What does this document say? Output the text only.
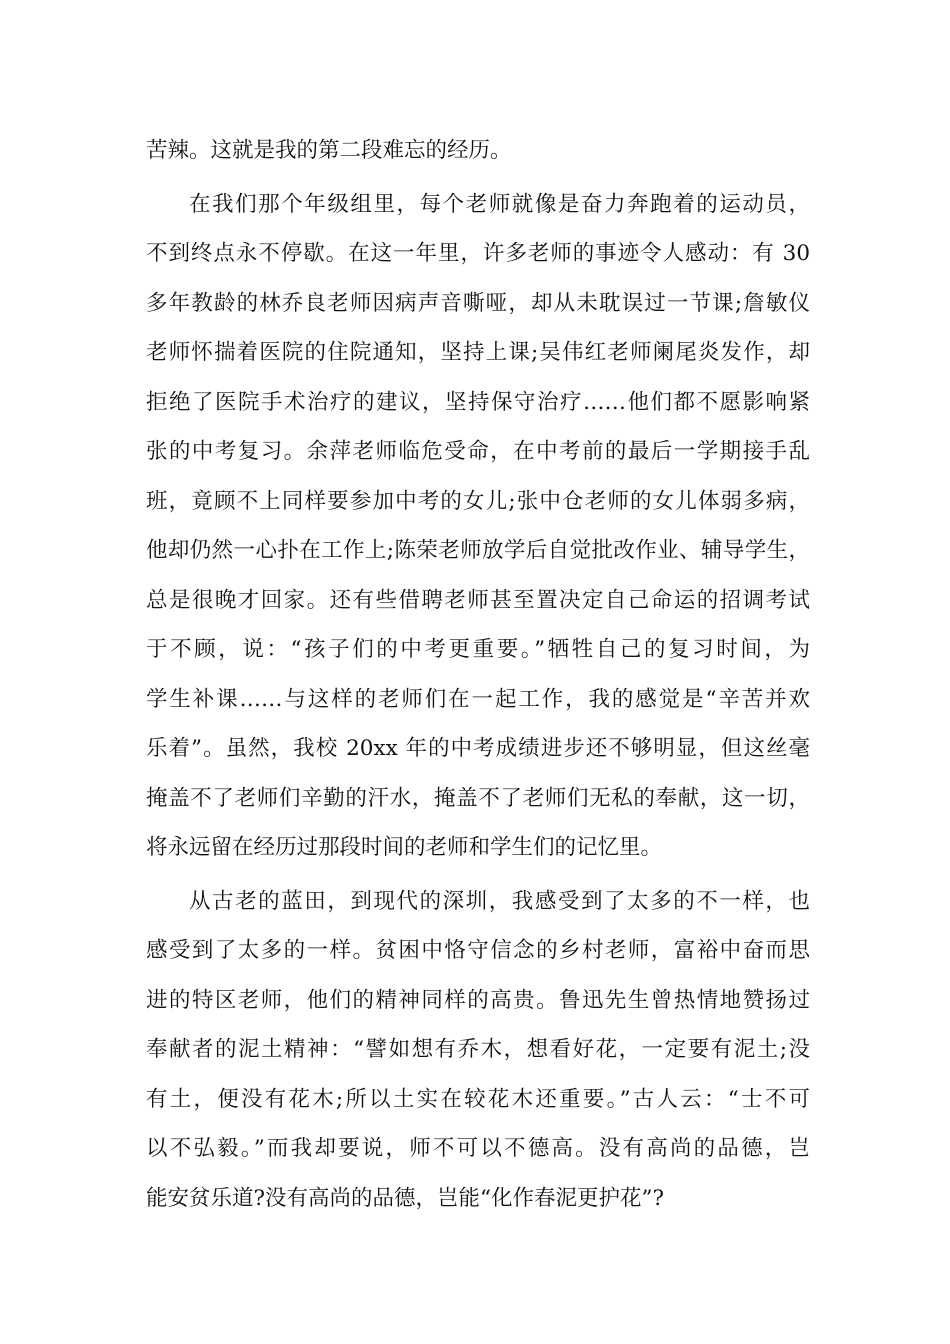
苦辣。这就是我的第二段难忘的经历。

在我们那个年级组里，每个老师就像是奋力奔跑着的运动员，
不到终点永不停歇。在这一年里，许多老师的事迹令人感动：有 30
多年教龄的林乔良老师因病声音嘶哑，却从未耽误过一节课;詹敏仪
老师怀揣着医院的住院通知，坚持上课;吴伟红老师阑尾炎发作，却
拒绝了医院手术治疗的建议，坚持保守治疗……他们都不愿影响紧
张的中考复习。余萍老师临危受命，在中考前的最后一学期接手乱
班，竟顾不上同样要参加中考的女儿;张中仓老师的女儿体弱多病，
他却仍然一心扑在工作上;陈荣老师放学后自觉批改作业、辅导学生，
总是很晚才回家。还有些借聘老师甚至置决定自己命运的招调考试
于不顾，说：“孩子们的中考更重要。”牺牲自己的复习时间，为
学生补课……与这样的老师们在一起工作，我的感觉是“辛苦并欢
乐着”。虽然，我校 20xx 年的中考成绩进步还不够明显，但这丝毫
掩盖不了老师们辛勤的汗水，掩盖不了老师们无私的奉献，这一切，
将永远留在经历过那段时间的老师和学生们的记忆里。

从古老的蓝田，到现代的深圳，我感受到了太多的不一样，也
感受到了太多的一样。贫困中恪守信念的乡村老师，富裕中奋而思
进的特区老师，他们的精神同样的高贵。鲁迅先生曾热情地赞扬过
奉献者的泥土精神：“譬如想有乔木，想看好花，一定要有泥土;没
有土，便没有花木;所以土实在较花木还重要。”古人云：“士不可
以不弘毅。”而我却要说，师不可以不德高。没有高尚的品德，岂
能安贫乐道?没有高尚的品德，岂能“化作春泥更护花”?
